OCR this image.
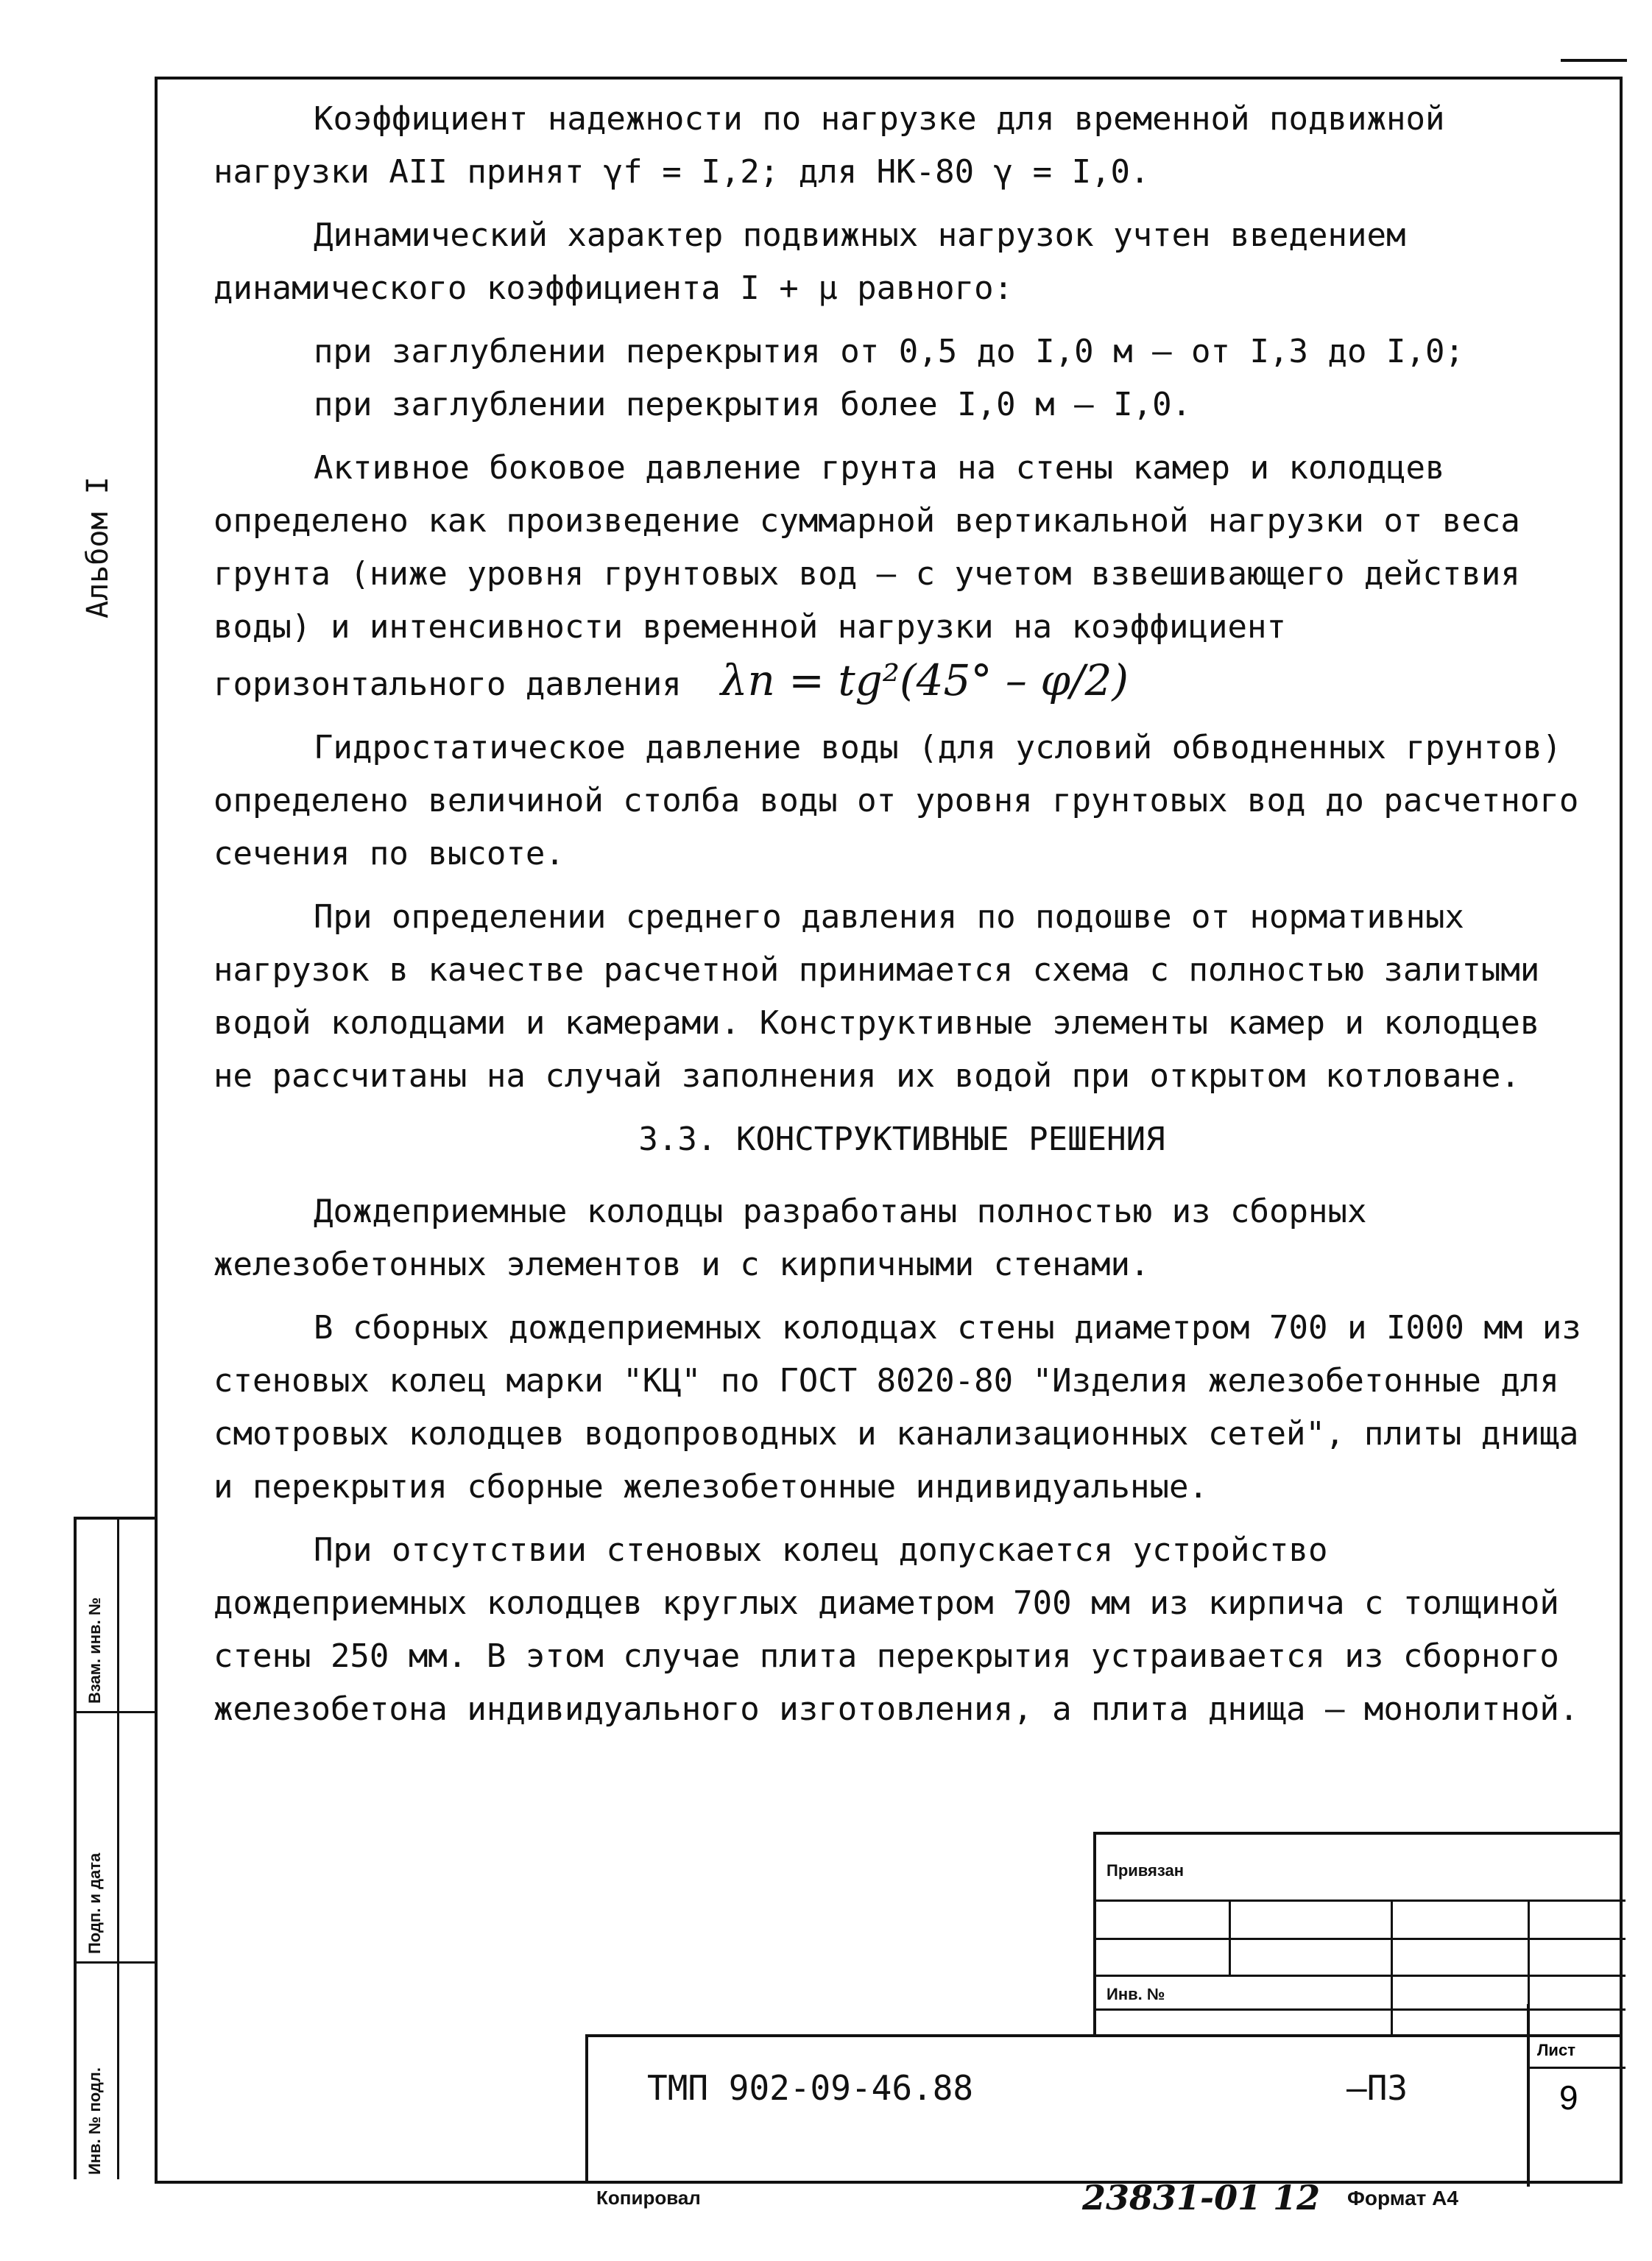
Альбом I
Взам. инв. №
Подп. и дата
Инв. № подл.

Коэффициент надежности по нагрузке для временной подвижной нагрузки АII принят γf = I,2; для НК-80 γ = I,0.

Динамический характер подвижных нагрузок учтен введением динамического коэффициента I + μ равного:

при заглублении перекрытия от 0,5 до I,0 м – от I,3 до I,0;
при заглублении перекрытия более I,0 м – I,0.

Активное боковое давление грунта на стены камер и колодцев определено как произведение суммарной вертикальной нагрузки от веса грунта (ниже уровня грунтовых вод – с учетом взвешивающего действия воды) и интенсивности временной нагрузки на коэффициент горизонтального давления λn = tg²(45° – φ/2)

Гидростатическое давление воды (для условий обводненных грунтов) определено величиной столба воды от уровня грунтовых вод до расчетного сечения по высоте.

При определении среднего давления по подошве от нормативных нагрузок в качестве расчетной принимается схема с полностью залитыми водой колодцами и камерами. Конструктивные элементы камер и колодцев не рассчитаны на случай заполнения их водой при открытом котловане.

3.3. КОНСТРУКТИВНЫЕ РЕШЕНИЯ

Дождеприемные колодцы разработаны полностью из сборных железобетонных элементов и с кирпичными стенами.

В сборных дождеприемных колодцах стены диаметром 700 и I000 мм из стеновых колец марки "КЦ" по ГОСТ 8020-80 "Изделия железобетонные для смотровых колодцев водопроводных и канализационных сетей", плиты днища и перекрытия сборные железобетонные индивидуальные.

При отсутствии стеновых колец допускается устройство дождеприемных колодцев круглых диаметром 700 мм из кирпича с толщиной стены 250 мм. В этом случае плита перекрытия устраивается из сборного железобетона индивидуального изготовления, а плита днища – монолитной.

Привязан
Инв. №
ТМП 902-09-46.88	–ПЗ
Лист
9
Копировал	23831-01 12 Формат А4
